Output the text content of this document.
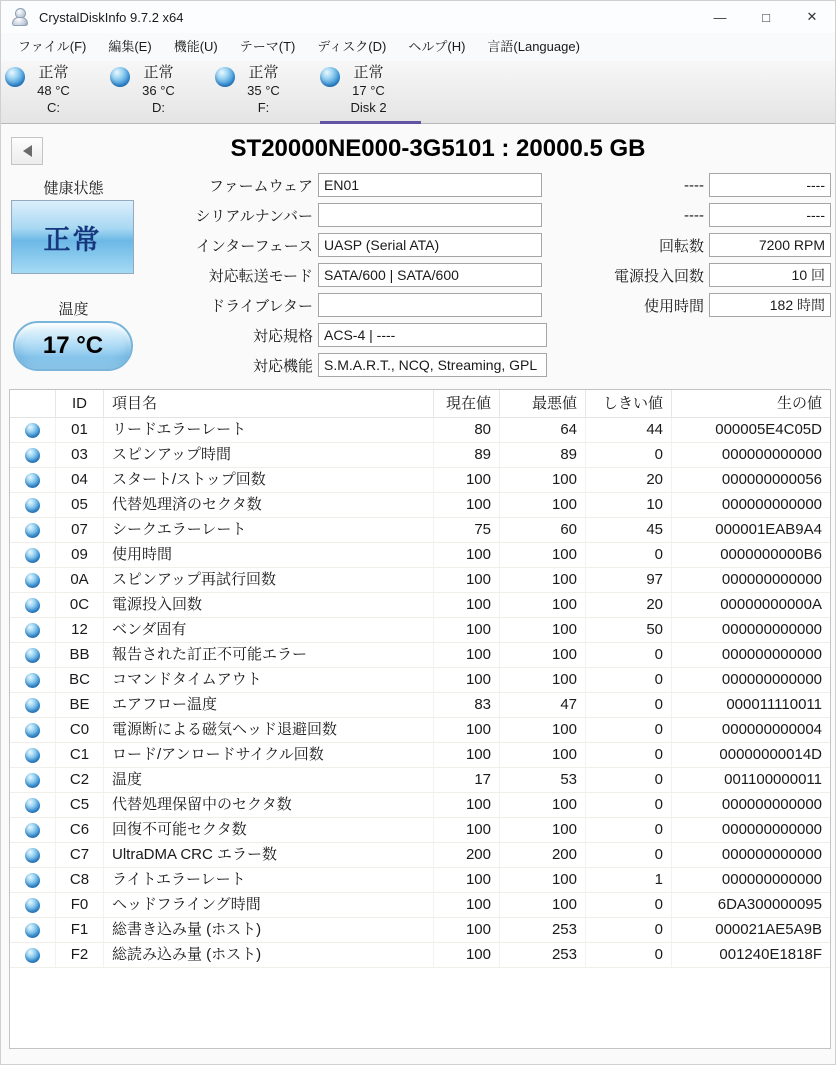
CrystalDiskInfo 9.7.2 x64	—	□	✕
ファイル(F)	編集(E)	機能(U)	テーマ(T)	ディスク(D)	ヘルプ(H)	言語(Language)
正常
48 °C
C:
正常
36 °C
D:
正常
35 °C
F:
正常
17 °C
Disk 2
ST20000NE000-3G5101 : 20000.5 GB
健康状態
正常
温度
17 °C
ファームウェア EN01
シリアルナンバー
インターフェース UASP (Serial ATA)
対応転送モード SATA/600 | SATA/600
ドライブレター
対応規格 ACS-4 | ----
対応機能 S.M.A.R.T., NCQ, Streaming, GPL
----	----
----	----
回転数	7200 RPM
電源投入回数	10 回
使用時間	182 時間
ID	項目名	現在値	最悪値	しきい値	生の値
01	リードエラーレート	80	64	44	000005E4C05D
03	スピンアップ時間	89	89	0	000000000000
04	スタート/ストップ回数	100	100	20	000000000056
05	代替処理済のセクタ数	100	100	10	000000000000
07	シークエラーレート	75	60	45	000001EAB9A4
09	使用時間	100	100	0	0000000000B6
0A	スピンアップ再試行回数	100	100	97	000000000000
0C	電源投入回数	100	100	20	00000000000A
12	ベンダ固有	100	100	50	000000000000
BB	報告された訂正不可能エラー	100	100	0	000000000000
BC	コマンドタイムアウト	100	100	0	000000000000
BE	エアフロー温度	83	47	0	000011110011
C0	電源断による磁気ヘッド退避回数	100	100	0	000000000004
C1	ロード/アンロードサイクル回数	100	100	0	00000000014D
C2	温度	17	53	0	001100000011
C5	代替処理保留中のセクタ数	100	100	0	000000000000
C6	回復不可能セクタ数	100	100	0	000000000000
C7	UltraDMA CRC エラー数	200	200	0	000000000000
C8	ライトエラーレート	100	100	1	000000000000
F0	ヘッドフライング時間	100	100	0	6DA300000095
F1	総書き込み量 (ホスト)	100	253	0	000021AE5A9B
F2	総読み込み量 (ホスト)	100	253	0	001240E1818F
